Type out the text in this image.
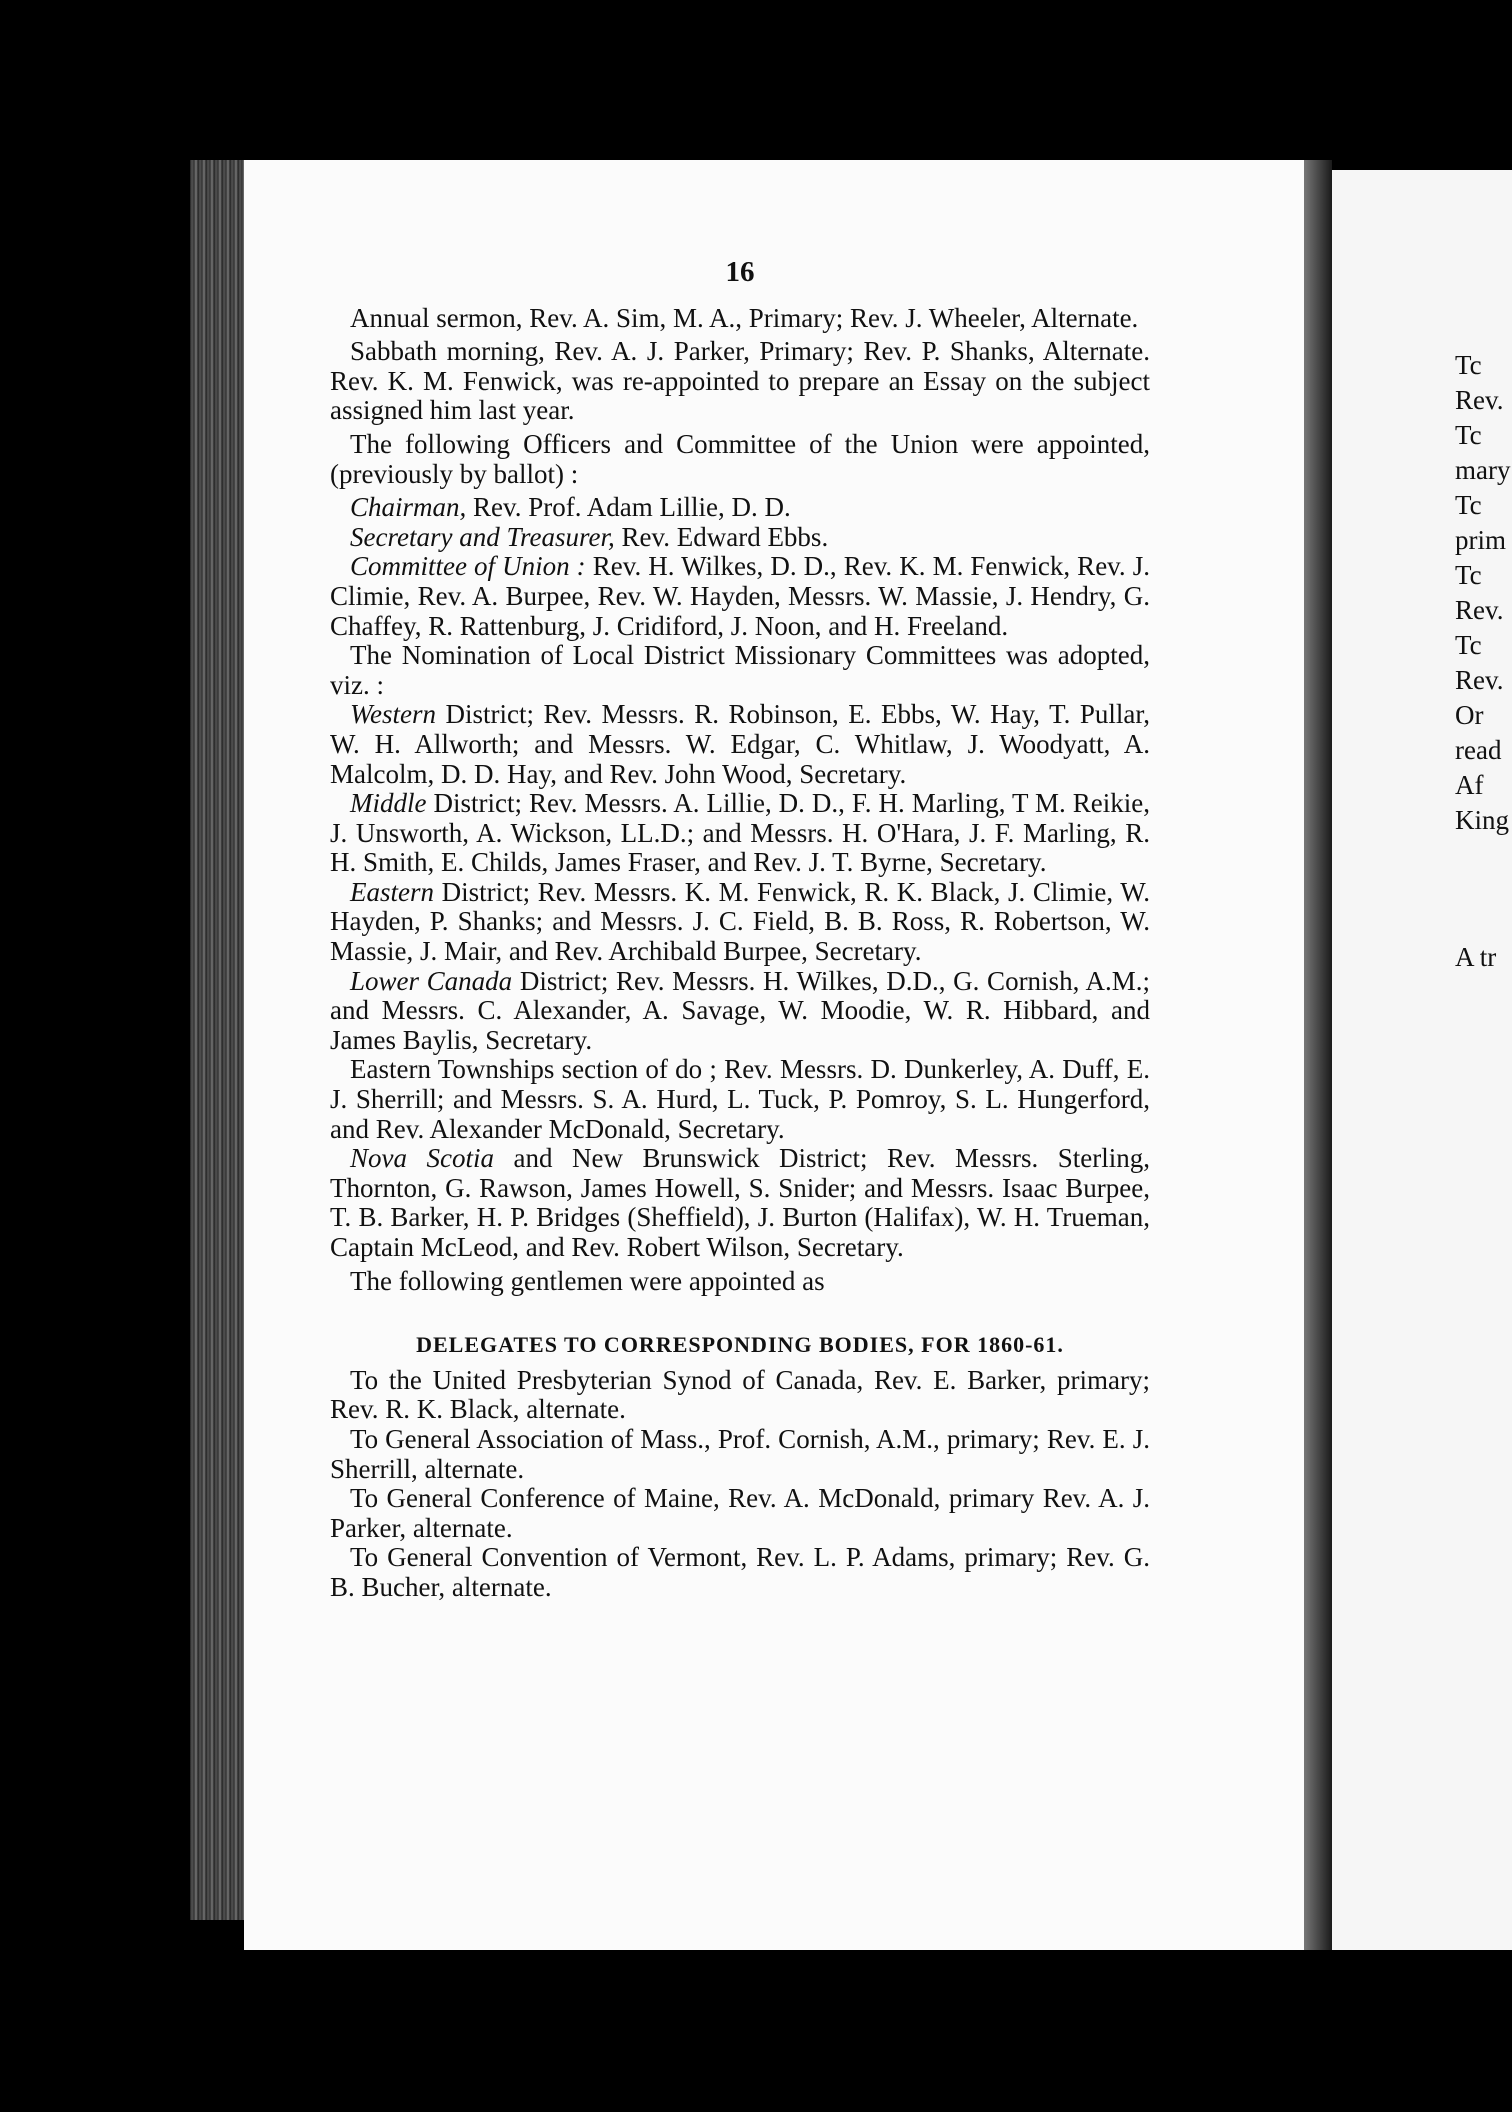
Tc
Rev.
Tc
mary
Tc
prim
Tc
Rev.
Tc
Rev.
Or
read
Af
King
A tr
16

Annual sermon, Rev. A. Sim, M. A., Primary; Rev. J. Wheeler, Alternate.

Sabbath morning, Rev. A. J. Parker, Primary; Rev. P. Shanks, Alternate. Rev. K. M. Fenwick, was re-appointed to prepare an Essay on the subject assigned him last year.

The following Officers and Committee of the Union were appointed, (previously by ballot) :

Chairman, Rev. Prof. Adam Lillie, D. D.

Secretary and Treasurer, Rev. Edward Ebbs.

Committee of Union : Rev. H. Wilkes, D. D., Rev. K. M. Fenwick, Rev. J. Climie, Rev. A. Burpee, Rev. W. Hayden, Messrs. W. Massie, J. Hendry, G. Chaffey, R. Rattenburg, J. Cridiford, J. Noon, and H. Freeland.

The Nomination of Local District Missionary Committees was adopted, viz. :

Western District; Rev. Messrs. R. Robinson, E. Ebbs, W. Hay, T. Pullar, W. H. Allworth; and Messrs. W. Edgar, C. Whitlaw, J. Woodyatt, A. Malcolm, D. D. Hay, and Rev. John Wood, Secretary.

Middle District; Rev. Messrs. A. Lillie, D. D., F. H. Marling, T M. Reikie, J. Unsworth, A. Wickson, LL.D.; and Messrs. H. O'Hara, J. F. Marling, R. H. Smith, E. Childs, James Fraser, and Rev. J. T. Byrne, Secretary.

Eastern District; Rev. Messrs. K. M. Fenwick, R. K. Black, J. Climie, W. Hayden, P. Shanks; and Messrs. J. C. Field, B. B. Ross, R. Robertson, W. Massie, J. Mair, and Rev. Archibald Burpee, Secretary.

Lower Canada District; Rev. Messrs. H. Wilkes, D.D., G. Cornish, A.M.; and Messrs. C. Alexander, A. Savage, W. Moodie, W. R. Hibbard, and James Baylis, Secretary.

Eastern Townships section of do ; Rev. Messrs. D. Dunkerley, A. Duff, E. J. Sherrill; and Messrs. S. A. Hurd, L. Tuck, P. Pomroy, S. L. Hungerford, and Rev. Alexander McDonald, Secretary.

Nova Scotia and New Brunswick District; Rev. Messrs. Sterling, Thornton, G. Rawson, James Howell, S. Snider; and Messrs. Isaac Burpee, T. B. Barker, H. P. Bridges (Sheffield), J. Burton (Halifax), W. H. Trueman, Captain McLeod, and Rev. Robert Wilson, Secretary.

The following gentlemen were appointed as

DELEGATES TO CORRESPONDING BODIES, FOR 1860-61.

To the United Presbyterian Synod of Canada, Rev. E. Barker, primary; Rev. R. K. Black, alternate.

To General Association of Mass., Prof. Cornish, A.M., primary; Rev. E. J. Sherrill, alternate.

To General Conference of Maine, Rev. A. McDonald, primary Rev. A. J. Parker, alternate.

To General Convention of Vermont, Rev. L. P. Adams, primary; Rev. G. B. Bucher, alternate.
